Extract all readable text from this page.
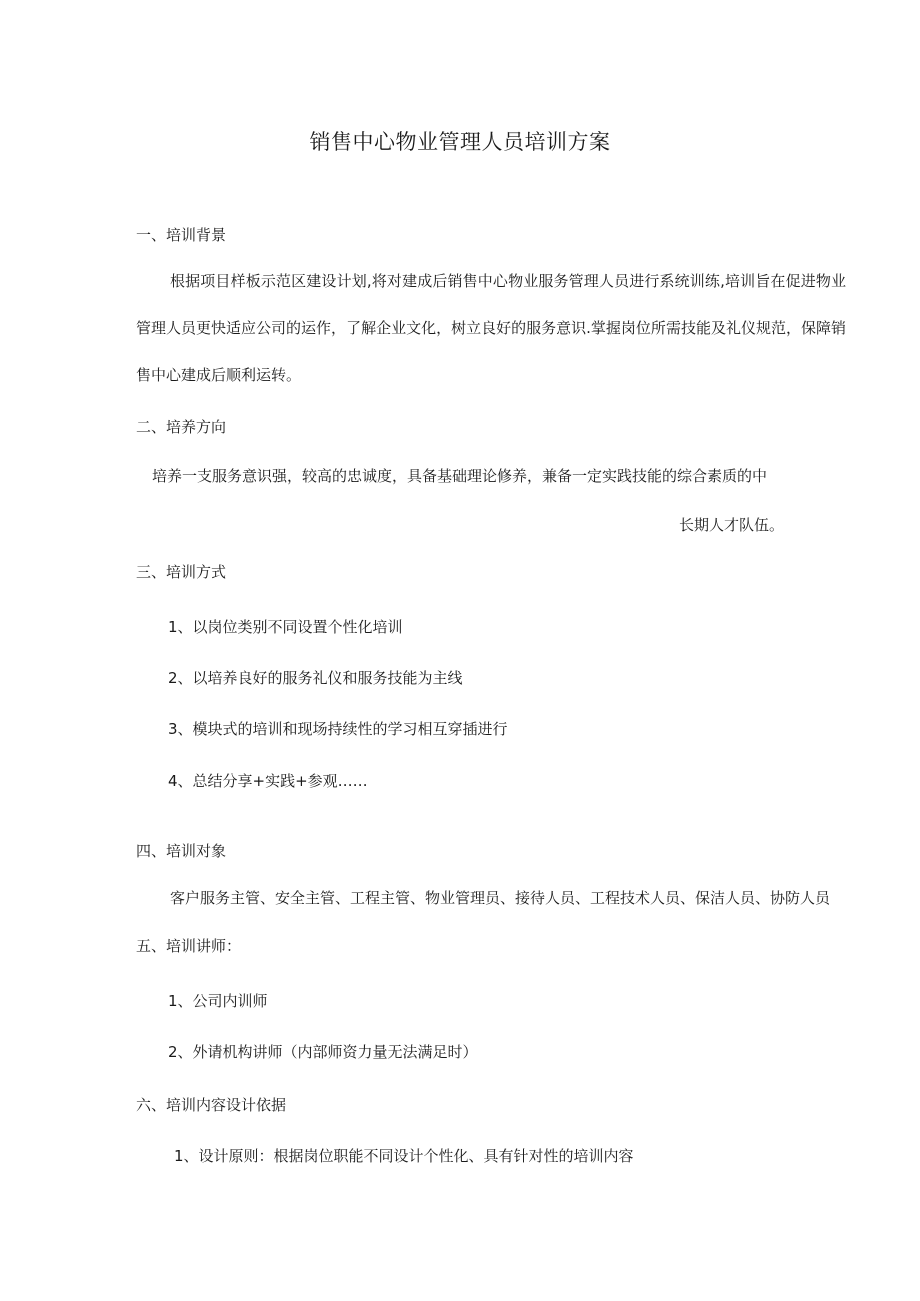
销售中心物业管理人员培训方案
一、培训背景
根据项目样板示范区建设计划,将对建成后销售中心物业服务管理人员进行系统训练,培训旨在促进物业管理人员更快适应公司的运作，了解企业文化，树立良好的服务意识.掌握岗位所需技能及礼仪规范，保障销售中心建成后顺利运转。
二、培养方向
培养一支服务意识强，较高的忠诚度，具备基础理论修养，兼备一定实践技能的综合素质的中
长期人才队伍。
三、培训方式
1、以岗位类别不同设置个性化培训
2、以培养良好的服务礼仪和服务技能为主线
3、模块式的培训和现场持续性的学习相互穿插进行
4、总结分享+实践+参观……
四、培训对象
客户服务主管、安全主管、工程主管、物业管理员、接待人员、工程技术人员、保洁人员、协防人员
五、培训讲师：
1、公司内训师
2、外请机构讲师（内部师资力量无法满足时）
六、培训内容设计依据
1、设计原则：根据岗位职能不同设计个性化、具有针对性的培训内容
